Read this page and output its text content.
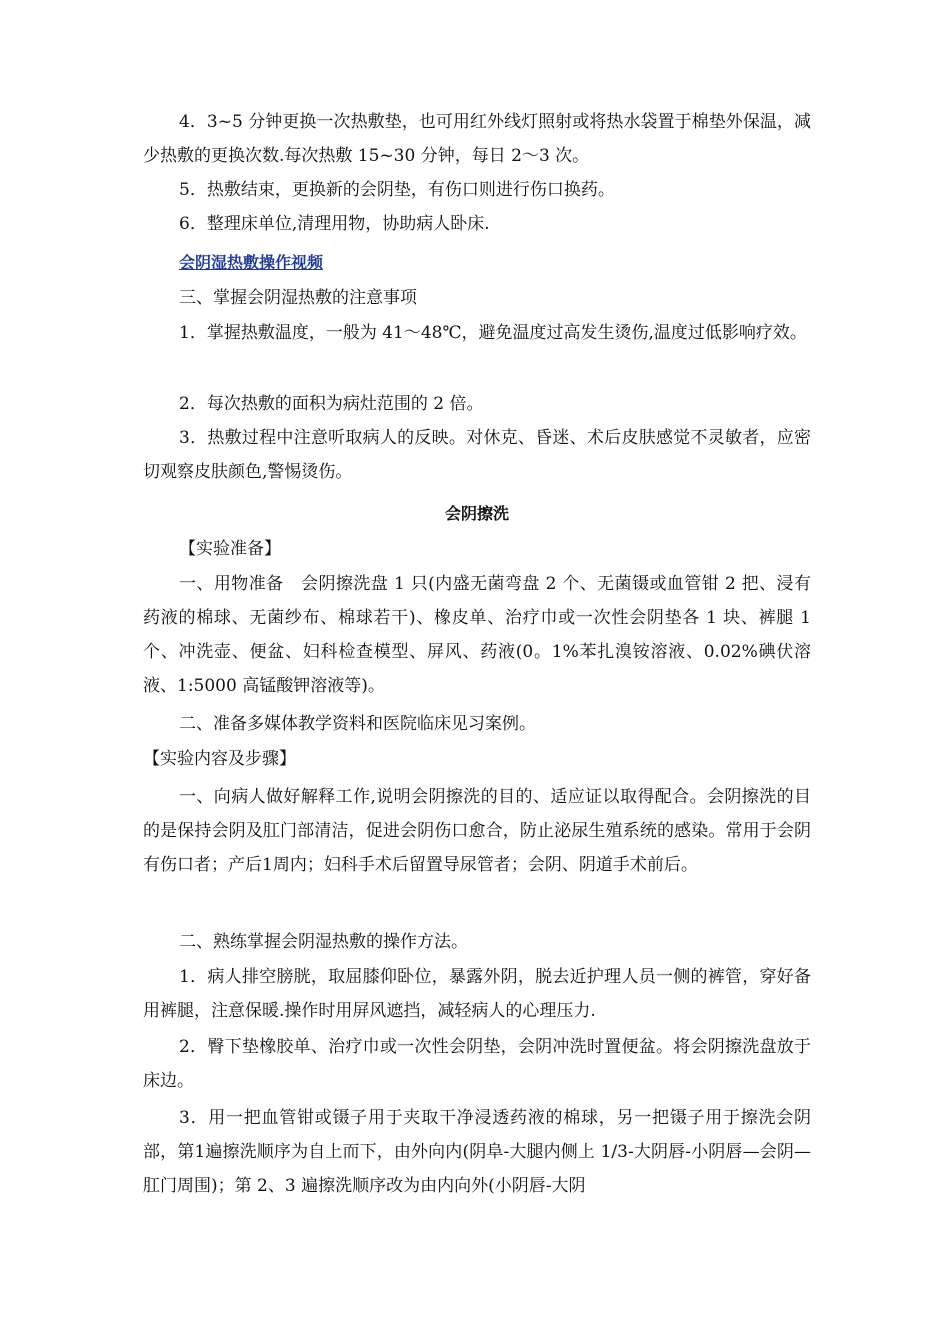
4．3~5 分钟更换一次热敷垫，也可用红外线灯照射或将热水袋置于棉垫外保温，减少热敷的更换次数.每次热敷 15~30 分钟，每日 2～3 次。

5．热敷结束，更换新的会阴垫，有伤口则进行伤口换药。

6．整理床单位,清理用物，协助病人卧床.

会阴湿热敷操作视频

三、掌握会阴湿热敷的注意事项

1．掌握热敷温度，一般为 41～48℃，避免温度过高发生烫伤,温度过低影响疗效。

2．每次热敷的面积为病灶范围的 2 倍。

3．热敷过程中注意听取病人的反映。对休克、昏迷、术后皮肤感觉不灵敏者，应密切观察皮肤颜色,警惕烫伤。

会阴擦洗

【实验准备】

一、用物准备　会阴擦洗盘 1 只(内盛无菌弯盘 2 个、无菌镊或血管钳 2 把、浸有药液的棉球、无菌纱布、棉球若干)、橡皮单、治疗巾或一次性会阴垫各 1 块、裤腿 1 个、冲洗壶、便盆、妇科检查模型、屏风、药液(0。1%苯扎溴铵溶液、0.02%碘伏溶液、1:5000 高锰酸钾溶液等)。

二、准备多媒体教学资料和医院临床见习案例。

【实验内容及步骤】

一、向病人做好解释工作,说明会阴擦洗的目的、适应证以取得配合。会阴擦洗的目的是保持会阴及肛门部清洁，促进会阴伤口愈合，防止泌尿生殖系统的感染。常用于会阴有伤口者；产后1周内；妇科手术后留置导尿管者；会阴、阴道手术前后。

二、熟练掌握会阴湿热敷的操作方法。

1．病人排空膀胱，取屈膝仰卧位，暴露外阴，脱去近护理人员一侧的裤管，穿好备用裤腿，注意保暖.操作时用屏风遮挡，减轻病人的心理压力.

2．臀下垫橡胶单、治疗巾或一次性会阴垫，会阴冲洗时置便盆。将会阴擦洗盘放于床边。

3．用一把血管钳或镊子用于夹取干净浸透药液的棉球，另一把镊子用于擦洗会阴部，第1遍擦洗顺序为自上而下，由外向内(阴阜-大腿内侧上 1/3-大阴唇-小阴唇—会阴—肛门周围)；第 2、3 遍擦洗顺序改为由内向外(小阴唇-大阴
